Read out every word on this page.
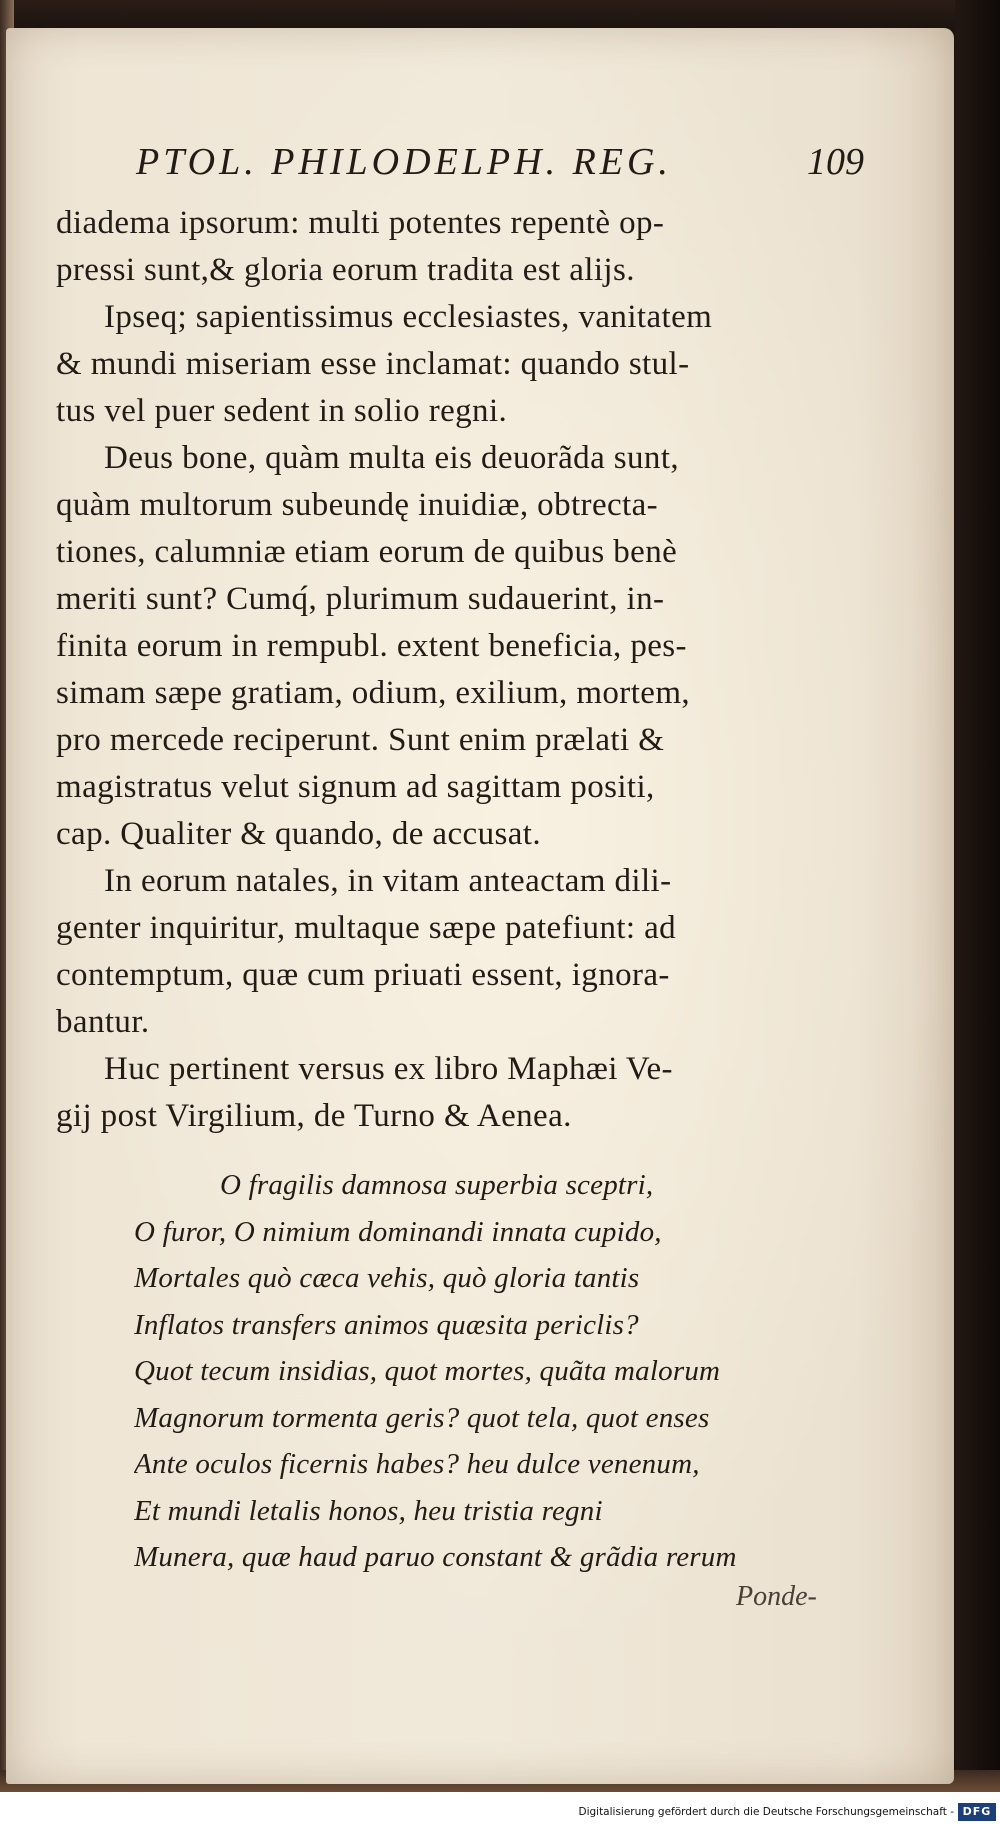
PTOL. PHILODELPH. REG.	109
diadema ipsorum: multi potentes repentè op-
pressi sunt,& gloria eorum tradita est alijs.
Ipseq; sapientissimus ecclesiastes, vanitatem
& mundi miseriam esse inclamat: quando stul-
tus vel puer sedent in solio regni.
Deus bone, quàm multa eis deuorãda sunt,
quàm multorum subeundę inuidiæ, obtrecta-
tiones, calumniæ etiam eorum de quibus benè
meriti sunt? Cumq́, plurimum sudauerint, in-
finita eorum in rempubl. extent beneficia, pes-
simam sæpe gratiam, odium, exilium, mortem,
pro mercede reciperunt. Sunt enim prælati &
magistratus velut signum ad sagittam positi,
cap. Qualiter & quando, de accusat.
In eorum natales, in vitam anteactam dili-
genter inquiritur, multaque sæpe patefiunt: ad
contemptum, quæ cum priuati essent, ignora-
bantur.
Huc pertinent versus ex libro Maphæi Ve-
gij post Virgilium, de Turno & Aenea.
O fragilis damnosa superbia sceptri,
O furor, O nimium dominandi innata cupido,
Mortales quò cæca vehis, quò gloria tantis
Inflatos transfers animos quæsita periclis?
Quot tecum insidias, quot mortes, quãta malorum
Magnorum tormenta geris? quot tela, quot enses
Ante oculos ficernis habes? heu dulce venenum,
Et mundi letalis honos, heu tristia regni
Munera, quæ haud paruo constant & grãdia rerum
Ponde-
Digitalisierung gefördert durch die Deutsche Forschungsgemeinschaft - DFG
